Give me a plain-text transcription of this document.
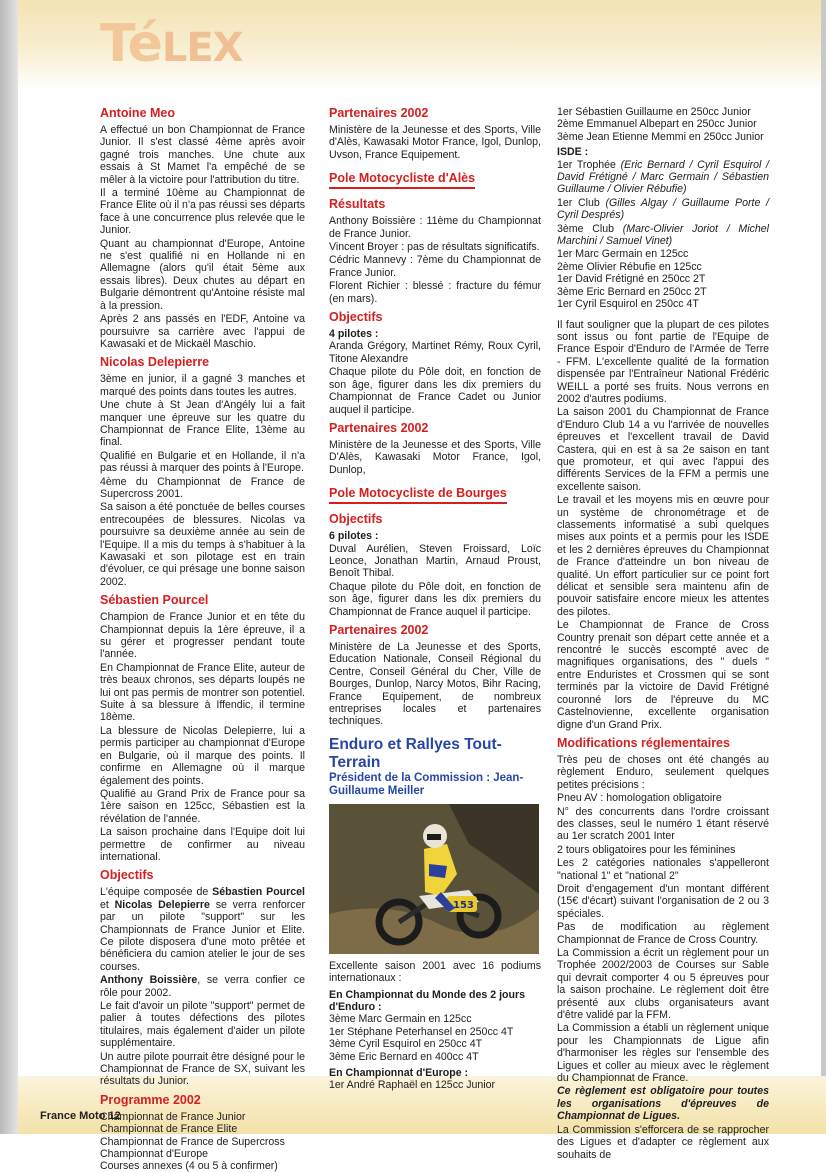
TéLEX
France Moto 12
Antoine Meo

A effectué un bon Championnat de France Junior. Il s'est classé 4ème après avoir gagné trois manches. Une chute aux essais à St Mamet l'a empêché de se mêler à la victoire pour l'attribution du titre.

Il a terminé 10ème au Championnat de France Elite où il n'a pas réussi ses départs face à une concurrence plus relevée que le Junior.

Quant au championnat d'Europe, Antoine ne s'est qualifié ni en Hollande ni en Allemagne (alors qu'il était 5ème aux essais libres). Deux chutes au départ en Bulgarie démontrent qu'Antoine résiste mal à la pression.

Après 2 ans passés en l'EDF, Antoine va poursuivre sa carrière avec l'appui de Kawasaki et de Mickaël Maschio.

Nicolas Delepierre

3ème en junior, il a gagné 3 manches et marqué des points dans toutes les autres.

Une chute à St Jean d'Angély lui a fait manquer une épreuve sur les quatre du Championnat de France Elite, 13ème au final.

Qualifié en Bulgarie et en Hollande, il n'a pas réussi à marquer des points à l'Europe.

4ème du Championnat de France de Supercross 2001.

Sa saison a été ponctuée de belles courses entrecoupées de blessures. Nicolas va poursuivre sa deuxième année au sein de l'Equipe. Il a mis du temps à s'habituer à la Kawasaki et son pilotage est en train d'évoluer, ce qui présage une bonne saison 2002.

Sébastien Pourcel

Champion de France Junior et en tête du Championnat depuis la 1ère épreuve, il a su gérer et progresser pendant toute l'année.

En Championnat de France Elite, auteur de très beaux chronos, ses départs loupés ne lui ont pas permis de montrer son potentiel. Suite à sa blessure à Iffendic, il termine 18ème.

La blessure de Nicolas Delepierre, lui a permis participer au championnat d'Europe en Bulgarie, où il marque des points. Il confirme en Allemagne où il marque également des points.

Qualifié au Grand Prix de France pour sa 1ère saison en 125cc, Sébastien est la révélation de l'année.

La saison prochaine dans l'Equipe doit lui permettre de confirmer au niveau international.

Objectifs

L'équipe composée de Sébastien Pourcel et Nicolas Delepierre se verra renforcer par un pilote "support" sur les Championnats de France Junior et Elite. Ce pilote disposera d'une moto prêtée et bénéficiera du camion atelier le jour de ses courses.

Anthony Boissière, se verra confier ce rôle pour 2002.

Le fait d'avoir un pilote "support" permet de palier à toutes défections des pilotes titulaires, mais également d'aider un pilote supplémentaire.

Un autre pilote pourrait être désigné pour le Championnat de France de SX, suivant les résultats du Junior.

Programme 2002
Championnat de France Junior
Championnat de France Elite
Championnat de France de Supercross
Championnat d'Europe
Courses annexes (4 ou 5 à confirmer)
Partenaires 2002

Ministère de la Jeunesse et des Sports, Ville d'Alès, Kawasaki Motor France, Igol, Dunlop, Uvson, France Equipement.

Pole Motocycliste d'Alès
Résultats

Anthony Boissière : 11ème du Championnat de France Junior.

Vincent Broyer : pas de résultats significatifs.

Cédric Mannevy : 7ème du Championnat de France Junior.

Florent Richier : blessé : fracture du fémur (en mars).

Objectifs
4 pilotes :

Aranda Grégory, Martinet Rémy, Roux Cyril, Titone Alexandre

Chaque pilote du Pôle doit, en fonction de son âge, figurer dans les dix premiers du Championnat de France Cadet ou Junior auquel il participe.

Partenaires 2002

Ministère de la Jeunesse et des Sports, Ville D'Alès, Kawasaki Motor France, Igol, Dunlop,

Pole Motocycliste de Bourges
Objectifs
6 pilotes :

Duval Aurélien, Steven Froissard, Loïc Leonce, Jonathan Martin, Arnaud Proust, Benoît Thibal.

Chaque pilote du Pôle doit, en fonction de son âge, figurer dans les dix premiers du Championnat de France auquel il participe.

Partenaires 2002

Ministère de La Jeunesse et des Sports, Education Nationale, Conseil Régional du Centre, Conseil Général du Cher, Ville de Bourges, Dunlop, Narcy Motos, Bihr Racing, France Equipement, de nombreux entreprises locales et partenaires techniques.

Enduro et Rallyes Tout-Terrain
Président de la Commission : Jean-Guillaume Meiller
153

Excellente saison 2001 avec 16 podiums internationaux :

En Championnat du Monde des 2 jours d'Enduro :
3ème Marc Germain en 125cc
1er Stéphane Peterhansel en 250cc 4T
3ème Cyril Esquirol en 250cc 4T
3ème Eric Bernard en 400cc 4T
En Championnat d'Europe :
1er André Raphaël en 125cc Junior
1er Sébastien Guillaume en 250cc Junior
2ème Emmanuel Albepart en 250cc Junior
3ème Jean Etienne Memmi en 250cc Junior
ISDE :

1er Trophée (Eric Bernard / Cyril Esquirol / David Frétigné / Marc Germain / Sébastien Guillaume / Olivier Rébufie)

1er Club (Gilles Algay / Guillaume Porte / Cyril Després)

3ème Club (Marc-Olivier Joriot / Michel Marchini / Samuel Vinet)

1er Marc Germain en 125cc
2ème Olivier Rébufie en 125cc
1er David Frétigné en 250cc 2T
3ème Eric Bernard en 250cc 2T
1er Cyril Esquirol en 250cc 4T

Il faut souligner que la plupart de ces pilotes sont issus ou font partie de l'Equipe de France Espoir d'Enduro de l'Armée de Terre - FFM. L'excellente qualité de la formation dispensée par l'Entraîneur National Frédéric WEILL a porté ses fruits. Nous verrons en 2002 d'autres podiums.

La saison 2001 du Championnat de France d'Enduro Club 14 a vu l'arrivée de nouvelles épreuves et l'excellent travail de David Castera, qui en est à sa 2e saison en tant que promoteur, et qui avec l'appui des différents Services de la FFM a permis une excellente saison.

Le travail et les moyens mis en œuvre pour un système de chronométrage et de classements informatisé a subi quelques mises aux points et a permis pour les ISDE et les 2 dernières épreuves du Championnat de France d'atteindre un bon niveau de qualité. Un effort particulier sur ce point fort délicat et sensible sera maintenu afin de pouvoir satisfaire encore mieux les attentes des pilotes.

Le Championnat de France de Cross Country prenait son départ cette année et a rencontré le succès escompté avec de magnifiques organisations, des " duels " entre Enduristes et Crossmen qui se sont terminés par la victoire de David Frétigné couronné lors de l'épreuve du MC Castelnovienne, excellente organisation digne d'un Grand Prix.

Modifications réglementaires

Très peu de choses ont été changés au règlement Enduro, seulement quelques petites précisions :

Pneu AV : homologation obligatoire

N° des concurrents dans l'ordre croissant des classes, seul le numéro 1 étant réservé au 1er scratch 2001 Inter

2 tours obligatoires pour les féminines

Les 2 catégories nationales s'appelleront "national 1" et "national 2"

Droit d'engagement d'un montant différent (15€ d'écart) suivant l'organisation de 2 ou 3 spéciales.

Pas de modification au règlement Championnat de France de Cross Country.

La Commission a écrit un règlement pour un Trophée 2002/2003 de Courses sur Sable qui devrait comporter 4 ou 5 épreuves pour la saison prochaine. Le règlement doit être présenté aux clubs organisateurs avant d'être validé par la FFM.

La Commission a établi un règlement unique pour les Championnats de Ligue afin d'harmoniser les règles sur l'ensemble des Ligues et coller au mieux avec le règlement du Championnat de France.

Ce règlement est obligatoire pour toutes les organisations d'épreuves de Championnat de Ligues.

La Commission s'efforcera de se rapprocher des Ligues et d'adapter ce règlement aux souhaits de
